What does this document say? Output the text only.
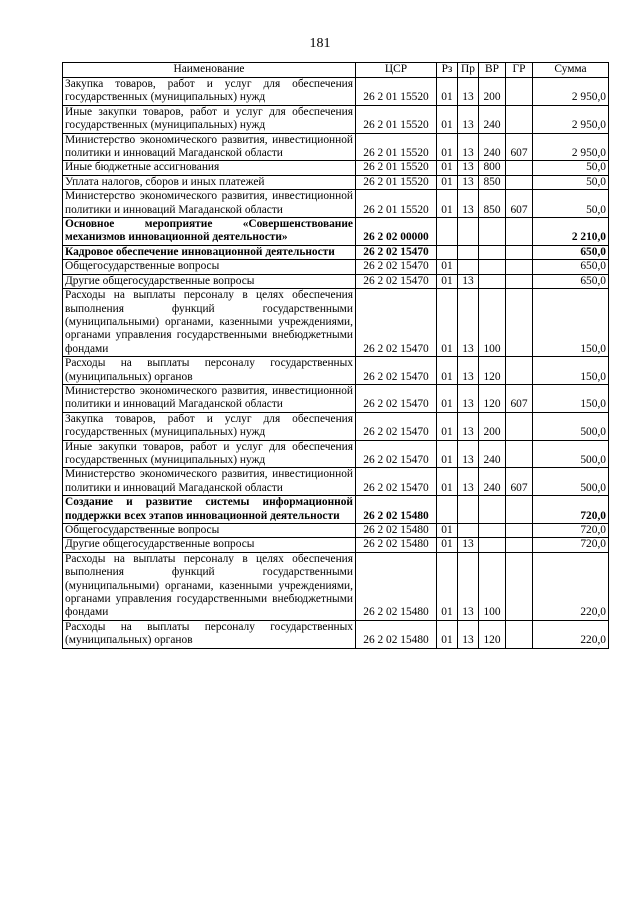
181
Наименование	ЦСР	Рз	Пр	ВР	ГР	Сумма
Закупка товаров, работ и услуг для обеспечения государственных (муниципальных) нужд	26 2 01 15520	01	13	200		2 950,0
Иные закупки товаров, работ и услуг для обеспечения государственных (муниципальных) нужд	26 2 01 15520	01	13	240		2 950,0
Министерство экономического развития, инвестиционной политики и инноваций Магаданской области	26 2 01 15520	01	13	240	607	2 950,0
Иные бюджетные ассигнования	26 2 01 15520	01	13	800		50,0
Уплата налогов, сборов и иных платежей	26 2 01 15520	01	13	850		50,0
Министерство экономического развития, инвестиционной политики и инноваций Магаданской области	26 2 01 15520	01	13	850	607	50,0
Основное мероприятие «Совершенствование механизмов инновационной деятельности»	26 2 02 00000					2 210,0
Кадровое обеспечение инновационной деятельности	26 2 02 15470					650,0
Общегосударственные вопросы	26 2 02 15470	01				650,0
Другие общегосударственные вопросы	26 2 02 15470	01	13			650,0
Расходы на выплаты персоналу в целях обеспечения выполнения функций государственными (муниципальными) органами, казенными учреждениями, органами управления государственными внебюджетными фондами	26 2 02 15470	01	13	100		150,0
Расходы на выплаты персоналу государственных (муниципальных) органов	26 2 02 15470	01	13	120		150,0
Министерство экономического развития, инвестиционной политики и инноваций Магаданской области	26 2 02 15470	01	13	120	607	150,0
Закупка товаров, работ и услуг для обеспечения государственных (муниципальных) нужд	26 2 02 15470	01	13	200		500,0
Иные закупки товаров, работ и услуг для обеспечения государственных (муниципальных) нужд	26 2 02 15470	01	13	240		500,0
Министерство экономического развития, инвестиционной политики и инноваций Магаданской области	26 2 02 15470	01	13	240	607	500,0
Создание и развитие системы информационной поддержки всех этапов инновационной деятельности	26 2 02 15480					720,0
Общегосударственные вопросы	26 2 02 15480	01				720,0
Другие общегосударственные вопросы	26 2 02 15480	01	13			720,0
Расходы на выплаты персоналу в целях обеспечения выполнения функций государственными (муниципальными) органами, казенными учреждениями, органами управления государственными внебюджетными фондами	26 2 02 15480	01	13	100		220,0
Расходы на выплаты персоналу государственных (муниципальных) органов	26 2 02 15480	01	13	120		220,0
